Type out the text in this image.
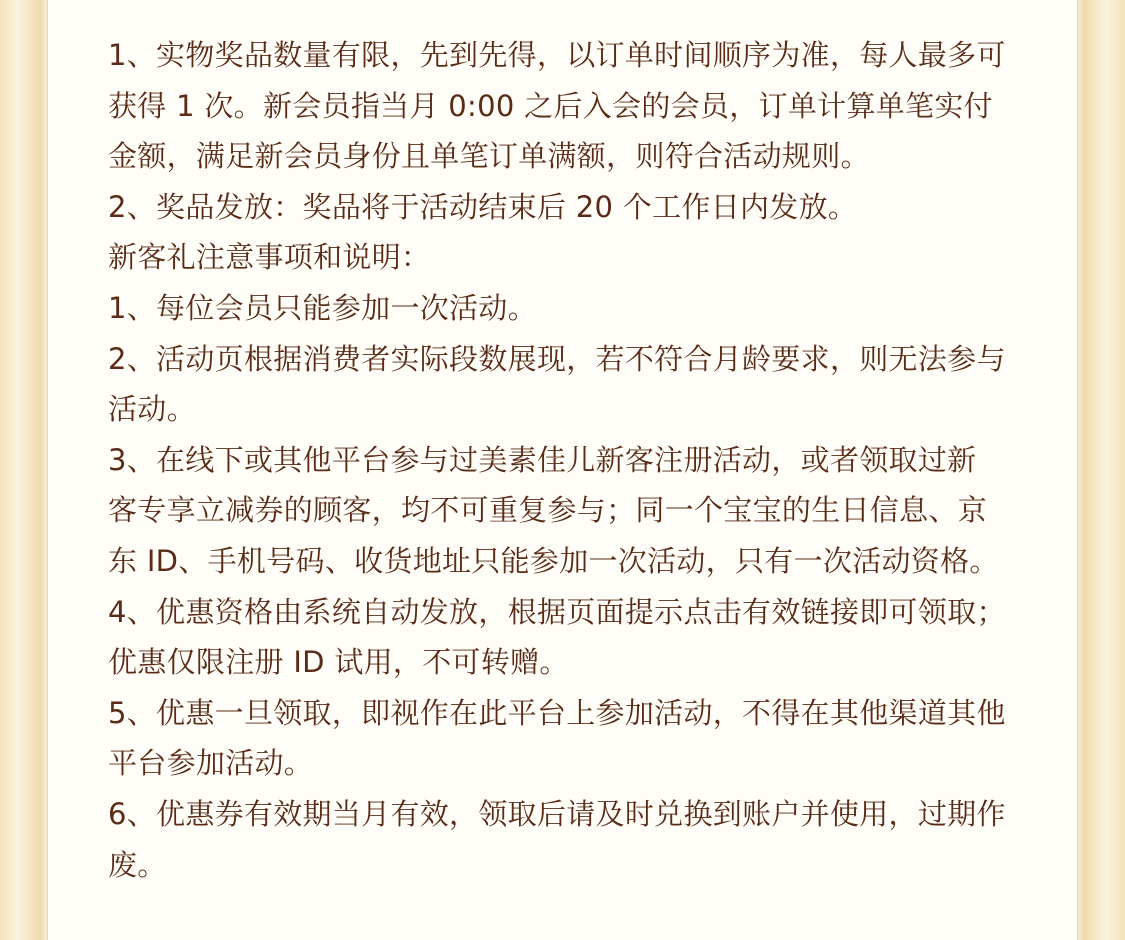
1、实物奖品数量有限，先到先得，以订单时间顺序为准，每人最多可
获得 1 次。新会员指当月 0:00 之后入会的会员，订单计算单笔实付
金额，满足新会员身份且单笔订单满额，则符合活动规则。

2、奖品发放：奖品将于活动结束后 20 个工作日内发放。

新客礼注意事项和说明：

1、每位会员只能参加一次活动。

2、活动页根据消费者实际段数展现，若不符合月龄要求，则无法参与
活动。

3、在线下或其他平台参与过美素佳儿新客注册活动，或者领取过新
客专享立减券的顾客，均不可重复参与；同一个宝宝的生日信息、京
东 ID、手机号码、收货地址只能参加一次活动，只有一次活动资格。

4、优惠资格由系统自动发放，根据页面提示点击有效链接即可领取；
优惠仅限注册 ID 试用，不可转赠。

5、优惠一旦领取，即视作在此平台上参加活动，不得在其他渠道其他
平台参加活动。

6、优惠券有效期当月有效，领取后请及时兑换到账户并使用，过期作
废。
